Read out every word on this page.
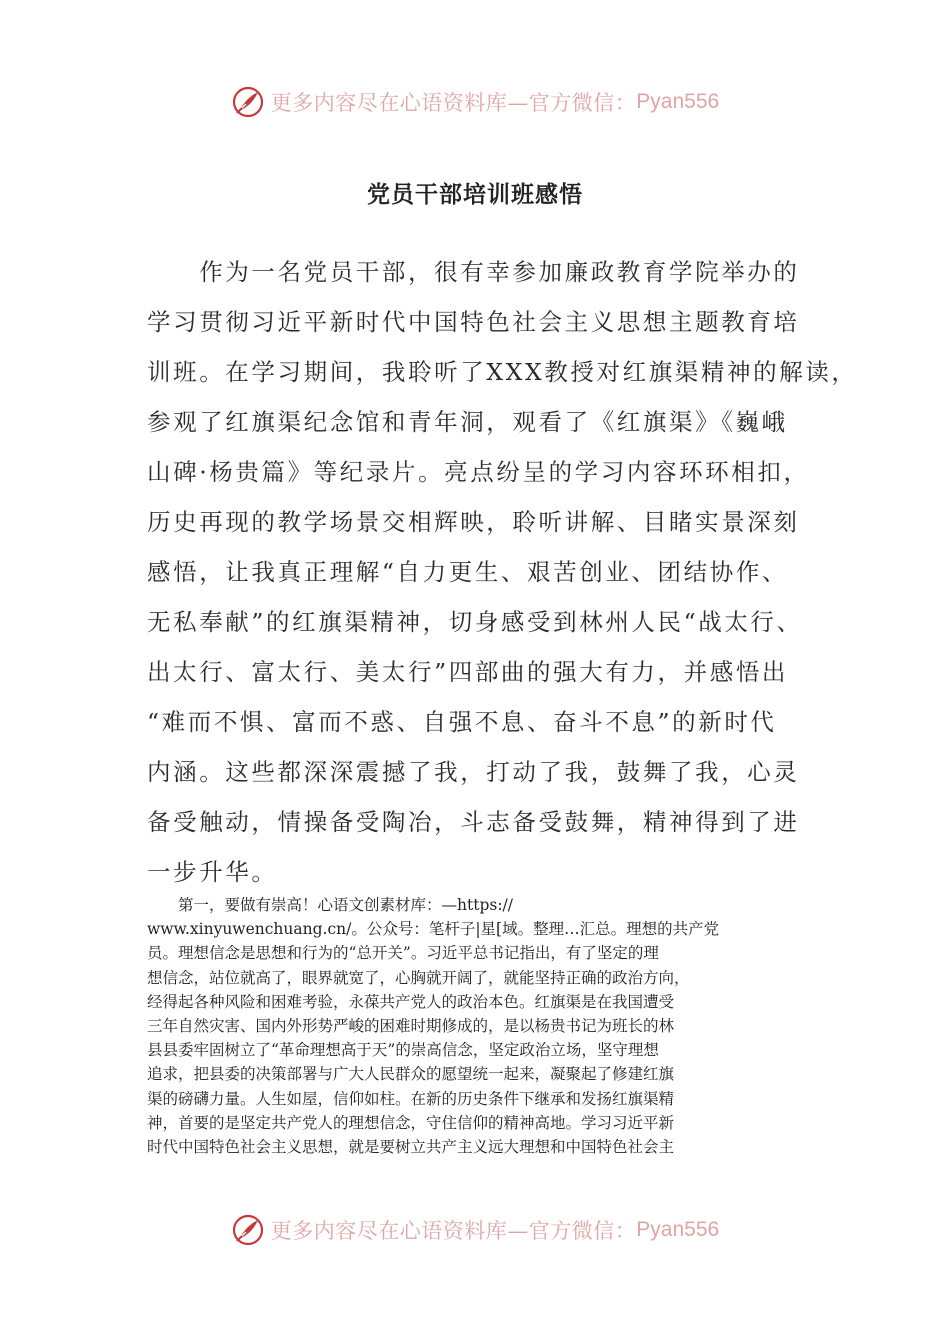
更多内容尽在心语资料库—官方微信： Pyan556
党员干部培训班感悟
　　作为一名党员干部，很有幸参加廉政教育学院举办的
学习贯彻习近平新时代中国特色社会主义思想主题教育培
训班。在学习期间，我聆听了XXX教授对红旗渠精神的解读，
参观了红旗渠纪念馆和青年洞，观看了《红旗渠》《巍峨
山碑·杨贵篇》等纪录片。亮点纷呈的学习内容环环相扣，
历史再现的教学场景交相辉映，聆听讲解、目睹实景深刻
感悟，让我真正理解“自力更生、艰苦创业、团结协作、
无私奉献”的红旗渠精神，切身感受到林州人民“战太行、
出太行、富太行、美太行”四部曲的强大有力，并感悟出
“难而不惧、富而不惑、自强不息、奋斗不息”的新时代
内涵。这些都深深震撼了我，打动了我，鼓舞了我，心灵
备受触动，情操备受陶冶，斗志备受鼓舞，精神得到了进
一步升华。
　　第一，要做有崇高！心语文创素材库：—https://
www.xinyuwenchuang.cn/。公众号：笔杆子|星[域。整理…汇总。理想的共产党
员。理想信念是思想和行为的“总开关”。习近平总书记指出，有了坚定的理
想信念，站位就高了，眼界就宽了，心胸就开阔了，就能坚持正确的政治方向，
经得起各种风险和困难考验，永葆共产党人的政治本色。红旗渠是在我国遭受
三年自然灾害、国内外形势严峻的困难时期修成的，是以杨贵书记为班长的林
县县委牢固树立了“革命理想高于天”的崇高信念，坚定政治立场，坚守理想
追求，把县委的决策部署与广大人民群众的愿望统一起来，凝聚起了修建红旗
渠的磅礴力量。人生如屋，信仰如柱。在新的历史条件下继承和发扬红旗渠精
神，首要的是坚定共产党人的理想信念，守住信仰的精神高地。学习习近平新
时代中国特色社会主义思想，就是要树立共产主义远大理想和中国特色社会主
更多内容尽在心语资料库—官方微信： Pyan556
